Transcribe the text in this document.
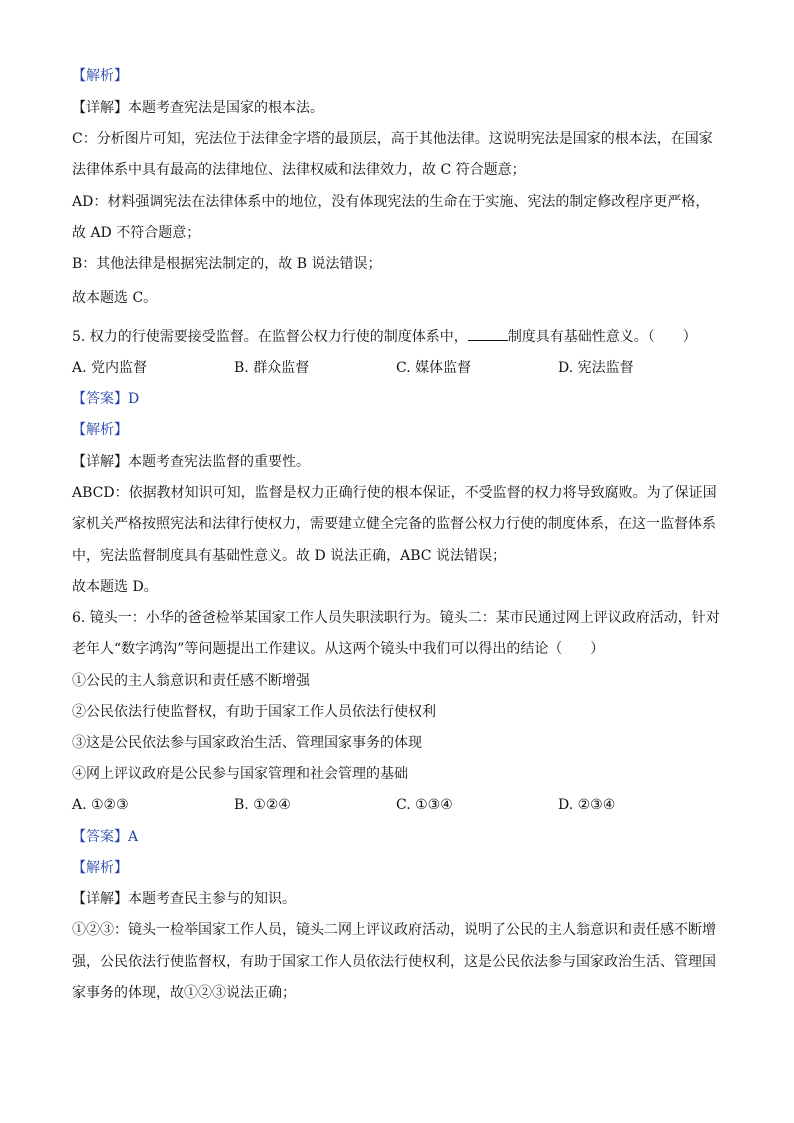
【解析】
【详解】本题考查宪法是国家的根本法。
C：分析图片可知，宪法位于法律金字塔的最顶层，高于其他法律。这说明宪法是国家的根本法，在国家
法律体系中具有最高的法律地位、法律权威和法律效力，故 C 符合题意；
AD：材料强调宪法在法律体系中的地位，没有体现宪法的生命在于实施、宪法的制定修改程序更严格，
故 AD 不符合题意；
B：其他法律是根据宪法制定的，故 B 说法错误；
故本题选 C。
5. 权力的行使需要接受监督。在监督公权力行使的制度体系中，	制度具有基础性意义。（　　）
A. 党内监督	B. 群众监督	C. 媒体监督	D. 宪法监督
【答案】D
【解析】
【详解】本题考查宪法监督的重要性。
ABCD：依据教材知识可知，监督是权力正确行使的根本保证，不受监督的权力将导致腐败。为了保证国
家机关严格按照宪法和法律行使权力，需要建立健全完备的监督公权力行使的制度体系，在这一监督体系
中，宪法监督制度具有基础性意义。故 D 说法正确，ABC 说法错误；
故本题选 D。
6. 镜头一：小华的爸爸检举某国家工作人员失职渎职行为。镜头二：某市民通过网上评议政府活动，针对
老年人“数字鸿沟”等问题提出工作建议。从这两个镜头中我们可以得出的结论（　　）
①公民的主人翁意识和责任感不断增强
②公民依法行使监督权，有助于国家工作人员依法行使权利
③这是公民依法参与国家政治生活、管理国家事务的体现
④网上评议政府是公民参与国家管理和社会管理的基础
A. ①②③	B. ①②④	C. ①③④	D. ②③④
【答案】A
【解析】
【详解】本题考查民主参与的知识。
①②③：镜头一检举国家工作人员，镜头二网上评议政府活动，说明了公民的主人翁意识和责任感不断增
强，公民依法行使监督权，有助于国家工作人员依法行使权利，这是公民依法参与国家政治生活、管理国
家事务的体现，故①②③说法正确；
